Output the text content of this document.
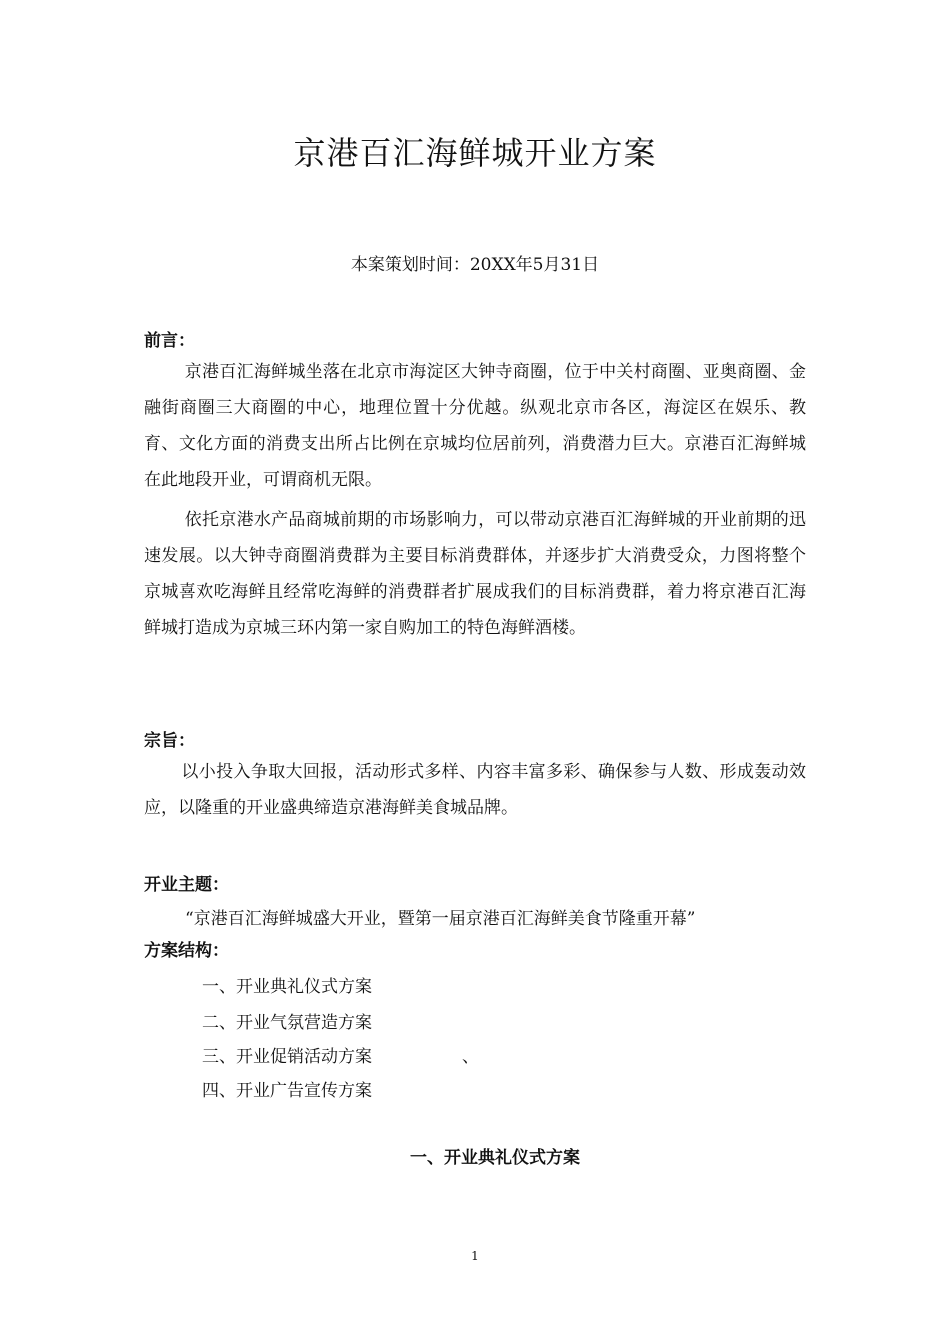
京港百汇海鲜城开业方案
本案策划时间：20XX年5月31日
前言：
京港百汇海鲜城坐落在北京市海淀区大钟寺商圈，位于中关村商圈、亚奥商圈、金融街商圈三大商圈的中心，地理位置十分优越。纵观北京市各区，海淀区在娱乐、教育、文化方面的消费支出所占比例在京城均位居前列，消费潜力巨大。京港百汇海鲜城在此地段开业，可谓商机无限。
依托京港水产品商城前期的市场影响力，可以带动京港百汇海鲜城的开业前期的迅速发展。以大钟寺商圈消费群为主要目标消费群体，并逐步扩大消费受众，力图将整个京城喜欢吃海鲜且经常吃海鲜的消费群者扩展成我们的目标消费群，着力将京港百汇海鲜城打造成为京城三环内第一家自购加工的特色海鲜酒楼。
宗旨：
以小投入争取大回报，活动形式多样、内容丰富多彩、确保参与人数、形成轰动效应，以隆重的开业盛典缔造京港海鲜美食城品牌。
开业主题：
“京港百汇海鲜城盛大开业，暨第一届京港百汇海鲜美食节隆重开幕”
方案结构：
一、开业典礼仪式方案
二、开业气氛营造方案
三、开业促销活动方案	、
四、开业广告宣传方案
一、开业典礼仪式方案
1
